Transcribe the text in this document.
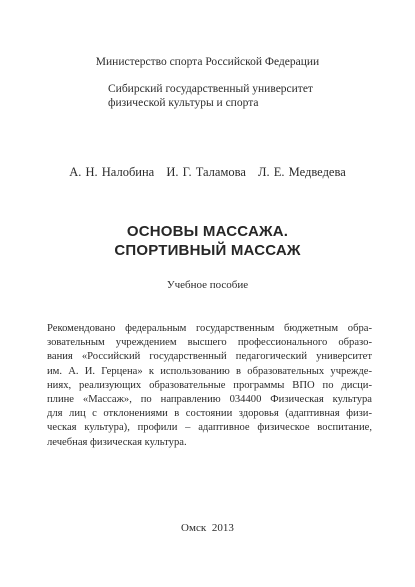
Министерство спорта Российской Федерации
Сибирский государственный университет
физической культуры и спорта
А. Н. Налобина И. Г. Таламова Л. Е. Медведева
ОСНОВЫ МАССАЖА.
СПОРТИВНЫЙ МАССАЖ
Учебное пособие
Рекомендовано федеральным государственным бюджетным обра-
зовательным учреждением высшего профессионального образо-
вания «Российский государственный педагогический университет
им. А. И. Герцена» к использованию в образовательных учрежде-
ниях, реализующих образовательные программы ВПО по дисци-
плине «Массаж», по направлению 034400 Физическая культура
для лиц с отклонениями в состоянии здоровья (адаптивная физи-
ческая культура), профили – адаптивное физическое воспитание,
лечебная физическая культура.
Омск 2013
